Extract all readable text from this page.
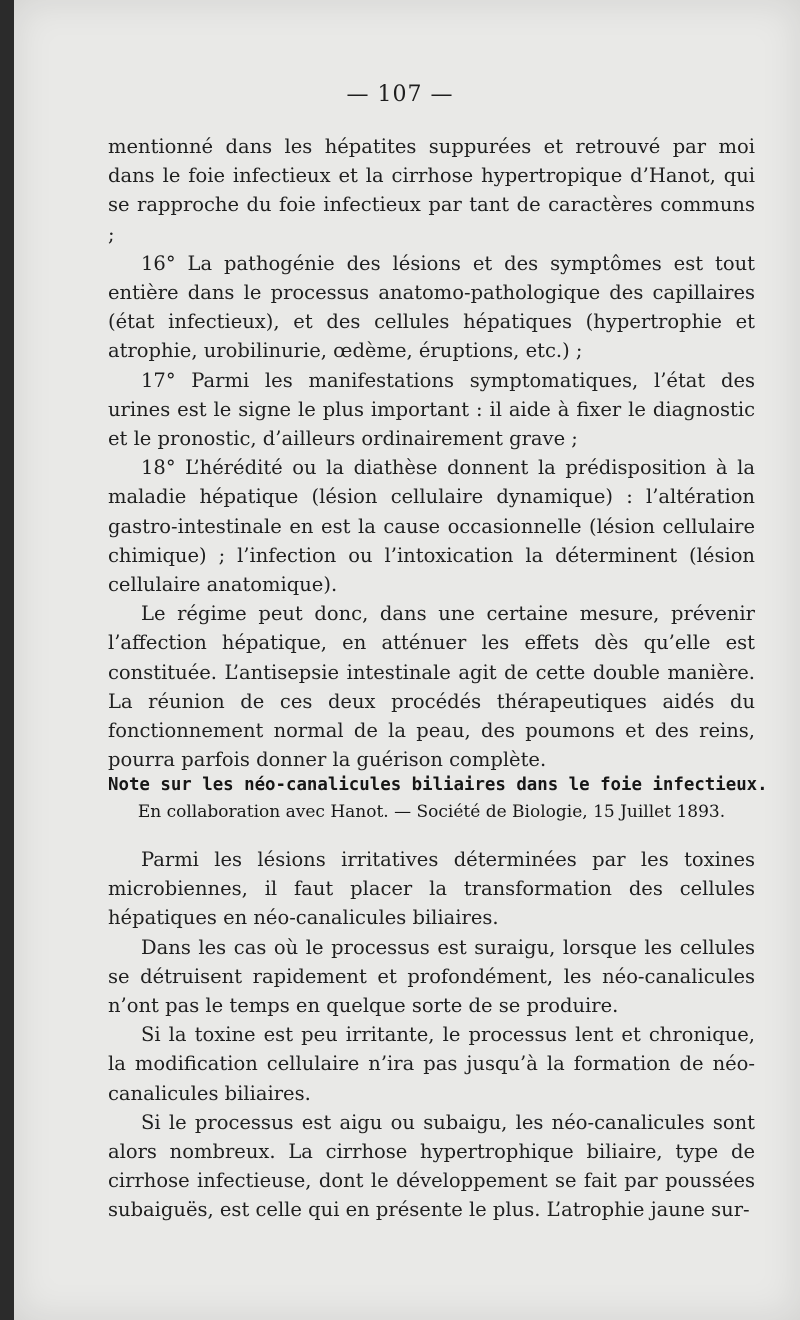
— 107 —

mentionné dans les hépatites suppurées et retrouvé par moi dans le foie infectieux et la cirrhose hypertropique d’Hanot, qui se rapproche du foie infectieux par tant de caractères communs ;

16° La pathogénie des lésions et des symptômes est tout entière dans le processus anatomo-pathologique des capillaires (état infectieux), et des cellules hépatiques (hypertrophie et atrophie, urobilinurie, œdème, éruptions, etc.) ;

17° Parmi les manifestations symptomatiques, l’état des urines est le signe le plus important : il aide à fixer le diagnostic et le pronostic, d’ailleurs ordinairement grave ;

18° L’hérédité ou la diathèse donnent la prédisposition à la maladie hépatique (lésion cellulaire dynamique) : l’altération gastro-intestinale en est la cause occasionnelle (lésion cellulaire chimique) ; l’infection ou l’intoxication la déterminent (lésion cellulaire anatomique).

Le régime peut donc, dans une certaine mesure, prévenir l’affection hépatique, en atténuer les effets dès qu’elle est constituée. L’antisepsie intestinale agit de cette double manière. La réunion de ces deux procédés thérapeutiques aidés du fonctionnement normal de la peau, des poumons et des reins, pourra parfois donner la guérison complète.

Note sur les néo-canalicules biliaires dans le foie infectieux.
En collaboration avec Hanot. — Société de Biologie, 15 Juillet 1893.

Parmi les lésions irritatives déterminées par les toxines microbiennes, il faut placer la transformation des cellules hépatiques en néo-canalicules biliaires.

Dans les cas où le processus est suraigu, lorsque les cellules se détruisent rapidement et profondément, les néo-canalicules n’ont pas le temps en quelque sorte de se produire.

Si la toxine est peu irritante, le processus lent et chronique, la modification cellulaire n’ira pas jusqu’à la formation de néo-canalicules biliaires.

Si le processus est aigu ou subaigu, les néo-canalicules sont alors nombreux. La cirrhose hypertrophique biliaire, type de cirrhose infectieuse, dont le développement se fait par poussées subaiguës, est celle qui en présente le plus. L’atrophie jaune sur-
